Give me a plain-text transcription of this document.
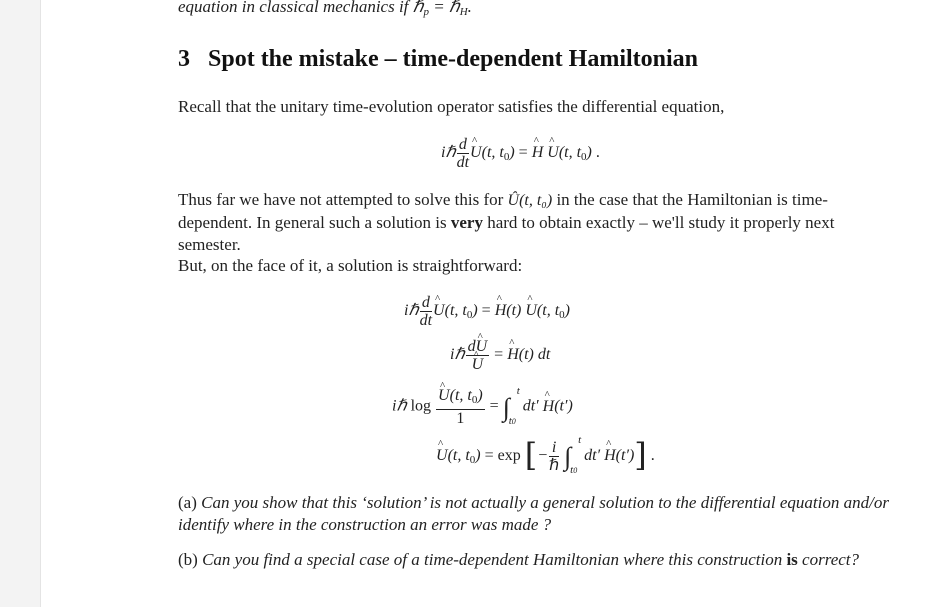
equation in classical mechanics if ℏ$_p$ = ℏ$_H$.
3 Spot the mistake – time-dependent Hamiltonian
Recall that the unitary time-evolution operator satisfies the differential equation,
iℏ $\frac{d}{dt}$ ^ U(t, $t_0$) = ^ H ^ U(t, $t_0$) .
Thus far we have not attempted to solve this for Û(t, t₀) in the case that the Hamiltonian is time-dependent. In general such a solution is very hard to obtain exactly – we'll study it properly next semester.
But, on the face of it, a solution is straightforward:
iℏ $\frac{d}{dt}$ ^ U(t, $t_0$) = ^ H(t) ^ U(t, $t_0$)
iℏ d^ U
^ U = ^ H(t) dt
iℏ log ^ $\frac{U(t, t_0)}{1}$ = ∫
t
t0
dt′ ^ H(t′)
^ U(t, $t_0) = \exp$ [− $\frac{i}{\text{ℏ}}$ ∫
t
t0
dt′ ^ H(t′)] .
(a) Can you show that this ‘solution’ is not actually a general solution to the differential equation and/or identify where in the construction an error was made ?
(b) Can you find a special case of a time-dependent Hamiltonian where this construction is correct?
